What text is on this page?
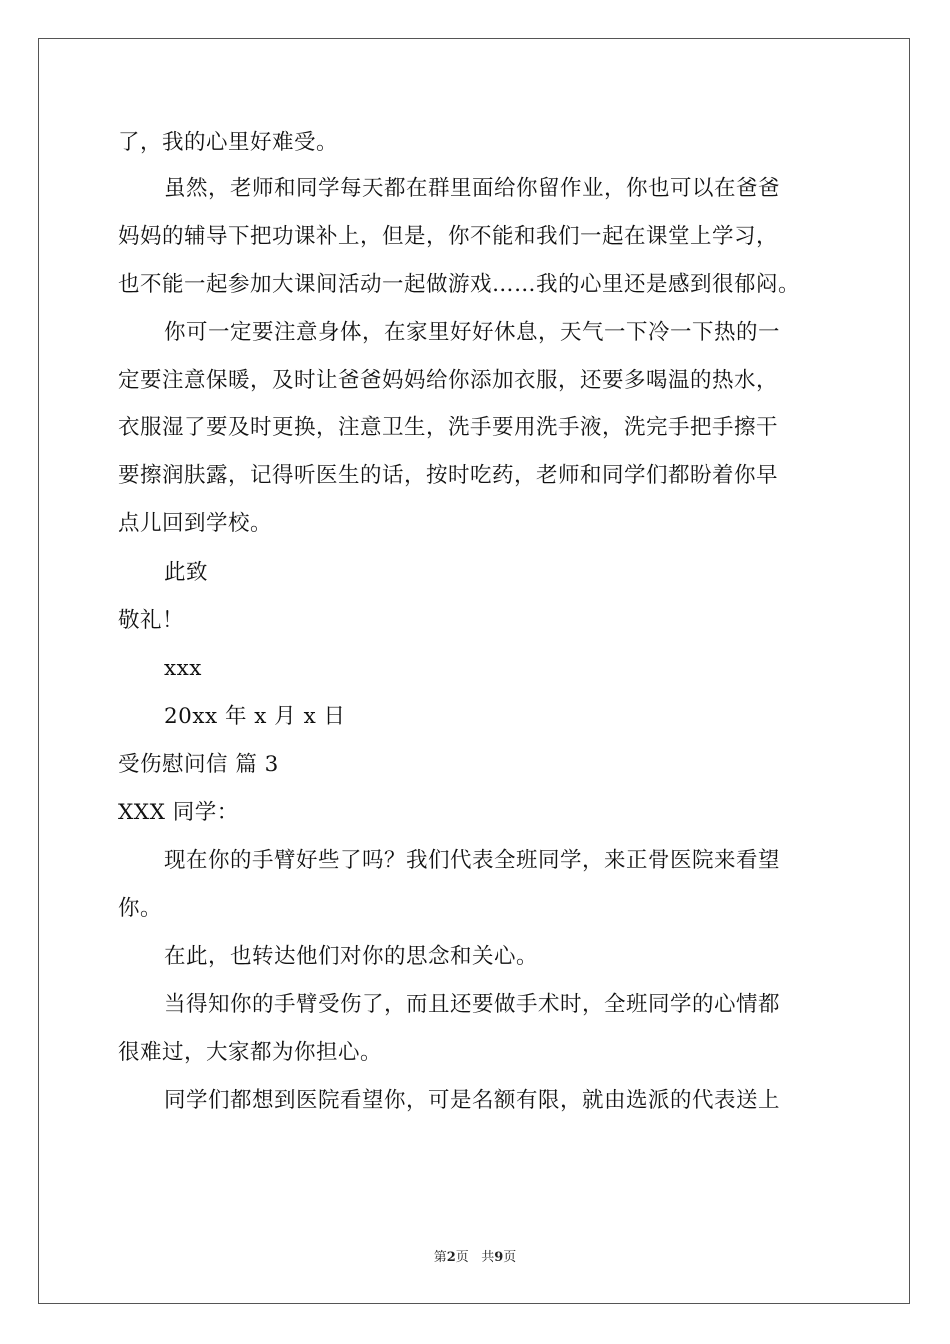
了，我的心里好难受。
虽然，老师和同学每天都在群里面给你留作业，你也可以在爸爸
妈妈的辅导下把功课补上，但是，你不能和我们一起在课堂上学习，
也不能一起参加大课间活动一起做游戏……我的心里还是感到很郁闷。
你可一定要注意身体，在家里好好休息，天气一下冷一下热的一
定要注意保暖，及时让爸爸妈妈给你添加衣服，还要多喝温的热水，
衣服湿了要及时更换，注意卫生，洗手要用洗手液，洗完手把手擦干
要擦润肤露，记得听医生的话，按时吃药，老师和同学们都盼着你早
点儿回到学校。
此致
敬礼！
xxx
20xx 年 x 月 x 日
受伤慰问信 篇 3
XXX 同学：
现在你的手臂好些了吗？我们代表全班同学，来正骨医院来看望
你。
在此，也转达他们对你的思念和关心。
当得知你的手臂受伤了，而且还要做手术时，全班同学的心情都
很难过，大家都为你担心。
同学们都想到医院看望你，可是名额有限，就由选派的代表送上
第2页   共9页
